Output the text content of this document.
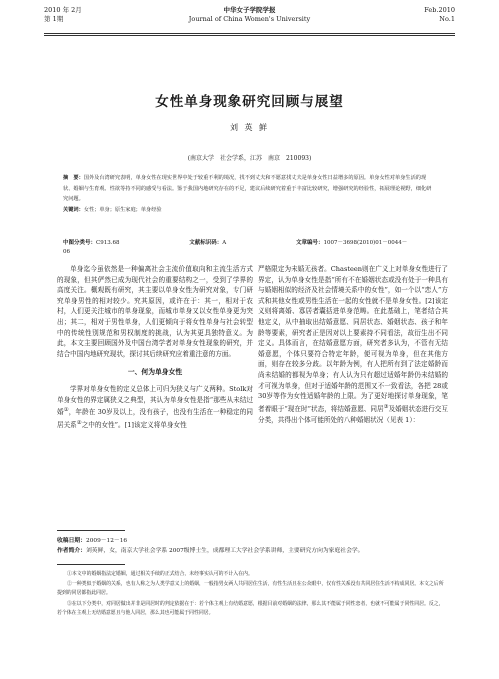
2010 年 2月
第 1期
中华女子学院学报
Journal of China Women's University
Feb.2010
No.1
女性单身现象研究回顾与展望
刘 英 鲜
(南京大学　社会学系，江苏　南京　210093)
摘　要：国外及台湾研究表明，单身女性在现实世界中处于较重不利的境况，找不到丈夫和不愿意找丈夫是单身女性日益增多的原因。单身女性对单身生活的现状、婚姻与生育观、性欲等持不同的感受与看法。鉴于我国内地研究存在的不足，建议后续研究着重于丰富比较研究，增强研究的经验性，拓展理论视野，细化研究问题。
关键词：女性；单身；原生家庭；单身经验
中图分类号：C913.68	文献标识码：A	文章编号：1007－3698(2010)01－0044－06

单身迄今虽依然是一种偏离社会主流价值取向和主流生活方式的现象，但其俨然已成为现代社会的重要结构之一，受到了学界的高度关注。概观既有研究，其主要以单身女性为研究对象，专门研究单身男性的相对较少。究其原因，或许在于：其一，相对于农村，人们更关注城市的单身现象，而城市单身又以女性单身更为突出；其二，相对于男性单身，人们更倾向于将女性单身与社会转型中的传统性别规范和男权制度的挑战，认为其更具独特意义。为此，本文主要回顾国外及中国台湾学者对单身女性现象的研究，并结合中国内地研究现状，探讨其后续研究应着重注意的方面。

一、何为单身女性

学界对单身女性的定义总体上可归为狭义与广义两种。Stolk对单身女性的界定属狭义之典型，其认为单身女性是指“那些从未结过婚①，年龄在 30岁及以上，没有孩子，也没有生活在一种稳定的同居关系②之中的女性”。[1]该定义将单身女性

严格限定为未婚无孩者。Chasteen则在广义上对单身女性进行了界定，认为单身女性是指“所有不在婚姻状态或没有处于一种具有与婚姻相似的经济及社会情境关系中的女性”，如一个以“恋人”方式和其他女性或男性生活在一起的女性就不是单身女性。[2]该定义则将离婚、寡居者囊括进单身范畴。在此基础上，笔者结合其他定义，从中抽取出结婚意愿、同居状态、婚姻状态、孩子和年龄等要素，研究者正是因对以上要素持不同看法，故衍生出不同定义。具体而言，在结婚意愿方面，研究者多认为，不管有无结婚意愿，个体只要符合特定年龄，便可视为单身，但在其他方面，则存在较多分歧。以年龄为例，有人把所有到了法定婚龄而尚未结婚的都视为单身；有人认为只有超过适婚年龄仍未结婚的才可视为单身，但对于适婚年龄的范围又不一致看法，各把 28或 30岁等作为女性适婚年龄的上限。为了更好地探讨单身现象，笔者着眼于“现在时”状态，将结婚意愿、同居③及婚姻状态进行交互分类，共得出个体可能所处的八种婚姻状况（见表 1）：

收稿日期：2009－12－16
作者简介：刘英鲜，女，南京大学社会学系 2007级博士生，成都理工大学社会学系讲师，主要研究方向为家庭社会学。

①本文中的婚姻指法定婚姻，通过相关手续的正式结合，未经事实认可的不计入在内。

②一种类似于婚姻的关系，也有人称之为人类学意义上的婚姻，一般指男女两人共同居住生活，有性生活且在公众眼中，仅有性关系没有共同居住生活不构成同居。本文之后所提到的同居都指此同居。

③在以下分类中，对同居做出并非是同居时的判定依据在于：若个体主观上有结婚意愿，根据目前对婚姻的法律，那么其不能属于同性恋者，也就不可能属于同性同居。反之，若个体在主观上无结婚意愿且与他人同居，那么其也可能属于同性同居。
